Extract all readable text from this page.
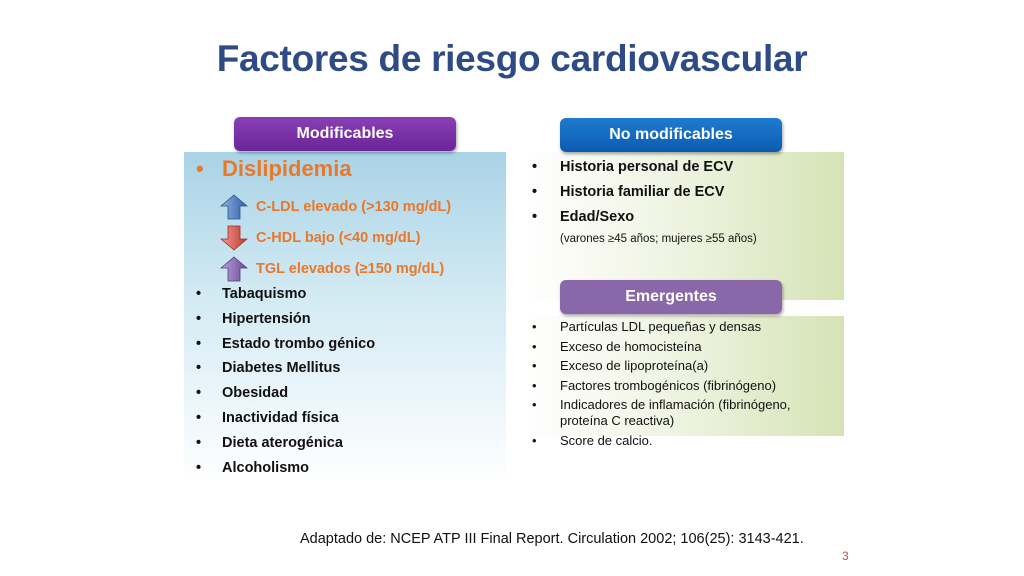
Factores de riesgo cardiovascular
Modificables	No modificables
Emergentes
• Dislipidemia
C-LDL elevado (>130 mg/dL)
C-HDL bajo (<40 mg/dL)
TGL elevados (≥150 mg/dL)
•	Tabaquismo
•	Hipertensión
•	Estado trombo génico
•	Diabetes Mellitus
•	Obesidad
•	Inactividad física
•	Dieta aterogénica
•	Alcoholismo
•	Historia personal de ECV
•	Historia familiar de ECV
•	Edad/Sexo
(varones ≥45 años; mujeres ≥55 años)
•	Partículas LDL pequeñas y densas
•	Exceso de homocisteína
•	Exceso de lipoproteína(a)
•	Factores trombogénicos (fibrinógeno)
•	Indicadores de inflamación (fibrinógeno, proteína C reactiva)
•	Score de calcio.
Adaptado de: NCEP ATP III Final Report. Circulation 2002; 106(25): 3143-421.
3
